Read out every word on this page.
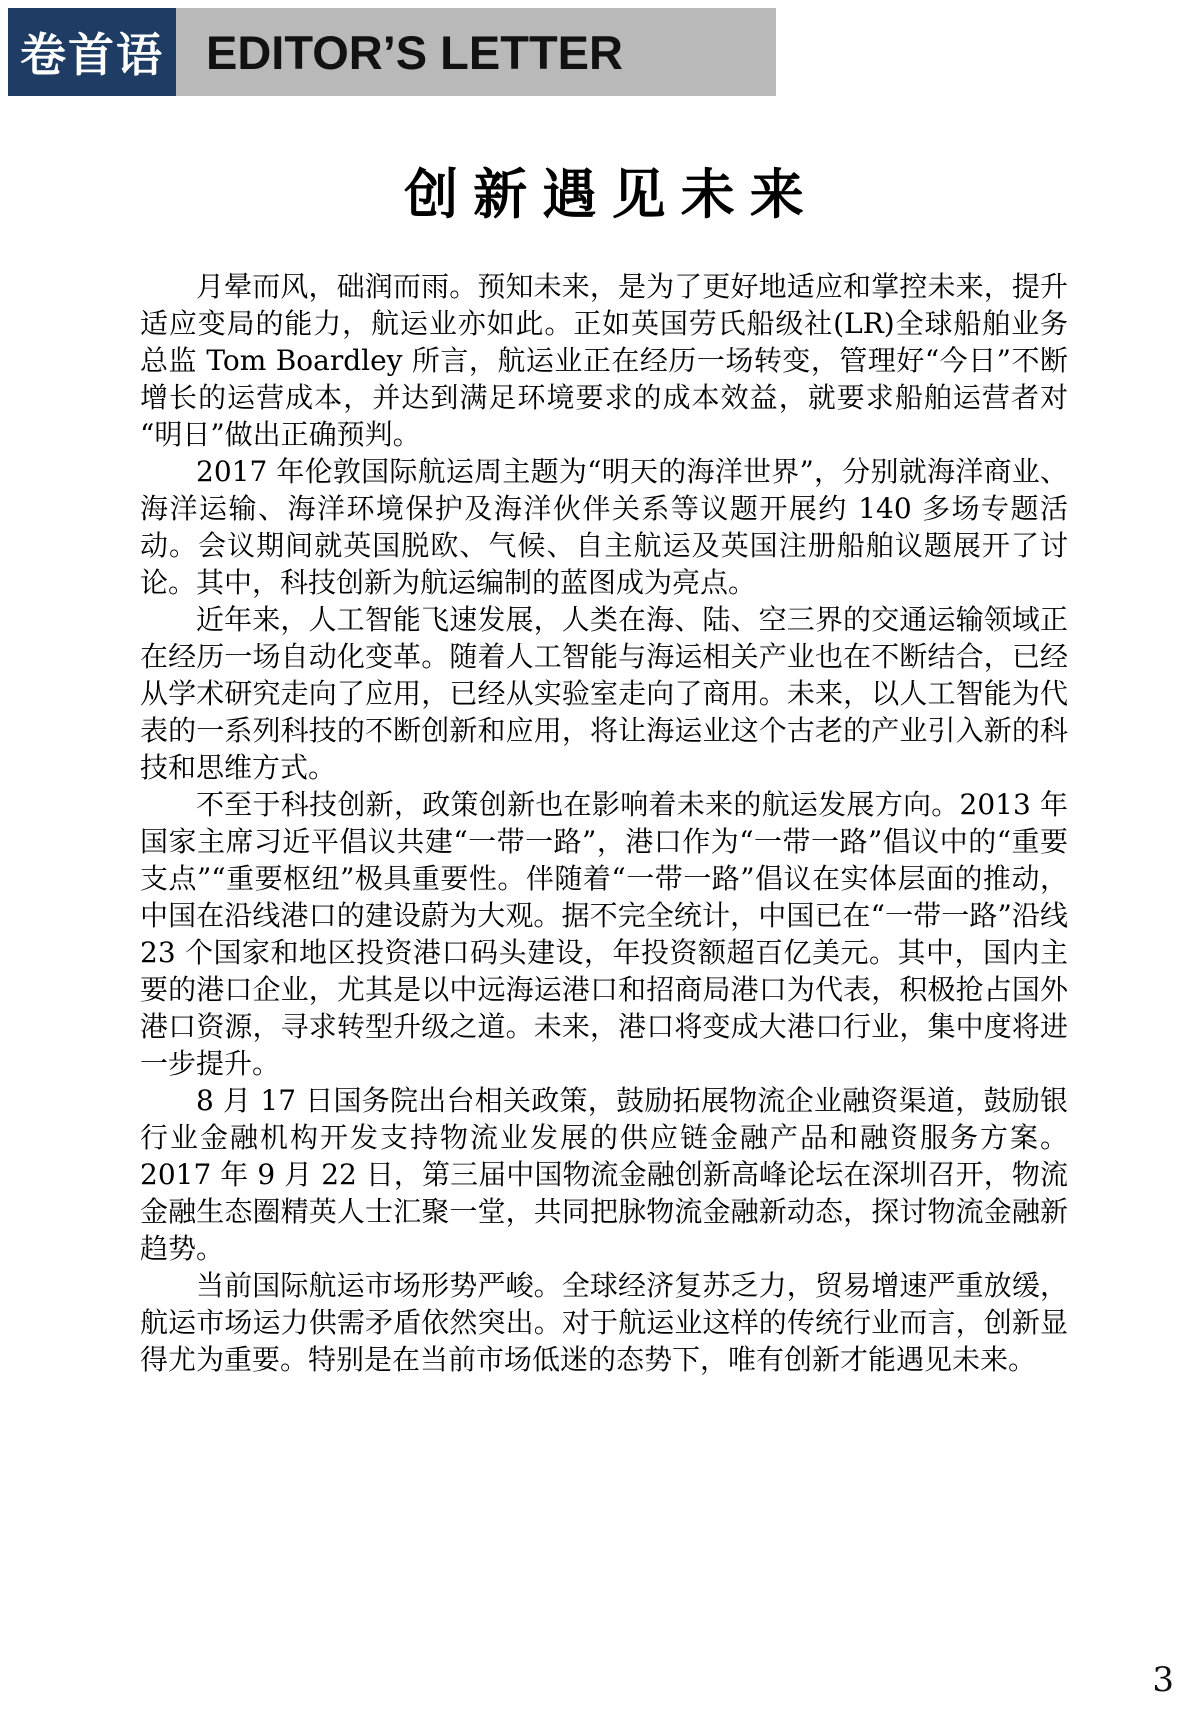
卷首语 EDITOR’S LETTER
创新遇见未来

月晕而风，础润而雨。预知未来，是为了更好地适应和掌控未来，提升适应变局的能力，航运业亦如此。正如英国劳氏船级社(LR)全球船舶业务总监 Tom Boardley 所言，航运业正在经历一场转变，管理好“今日”不断增长的运营成本，并达到满足环境要求的成本效益，就要求船舶运营者对“明日”做出正确预判。

2017 年伦敦国际航运周主题为“明天的海洋世界”，分别就海洋商业、海洋运输、海洋环境保护及海洋伙伴关系等议题开展约 140 多场专题活动。会议期间就英国脱欧、气候、自主航运及英国注册船舶议题展开了讨论。其中，科技创新为航运编制的蓝图成为亮点。

近年来，人工智能飞速发展，人类在海、陆、空三界的交通运输领域正在经历一场自动化变革。随着人工智能与海运相关产业也在不断结合，已经从学术研究走向了应用，已经从实验室走向了商用。未来，以人工智能为代表的一系列科技的不断创新和应用，将让海运业这个古老的产业引入新的科技和思维方式。

不至于科技创新，政策创新也在影响着未来的航运发展方向。2013 年国家主席习近平倡议共建“一带一路”，港口作为“一带一路”倡议中的“重要支点”“重要枢纽”极具重要性。伴随着“一带一路”倡议在实体层面的推动，中国在沿线港口的建设蔚为大观。据不完全统计，中国已在“一带一路”沿线 23 个国家和地区投资港口码头建设，年投资额超百亿美元。其中，国内主要的港口企业，尤其是以中远海运港口和招商局港口为代表，积极抢占国外港口资源，寻求转型升级之道。未来，港口将变成大港口行业，集中度将进一步提升。

8 月 17 日国务院出台相关政策，鼓励拓展物流企业融资渠道，鼓励银行业金融机构开发支持物流业发展的供应链金融产品和融资服务方案。2017 年 9 月 22 日，第三届中国物流金融创新高峰论坛在深圳召开，物流金融生态圈精英人士汇聚一堂，共同把脉物流金融新动态，探讨物流金融新趋势。

当前国际航运市场形势严峻。全球经济复苏乏力，贸易增速严重放缓，航运市场运力供需矛盾依然突出。对于航运业这样的传统行业而言，创新显得尤为重要。特别是在当前市场低迷的态势下，唯有创新才能遇见未来。

3
